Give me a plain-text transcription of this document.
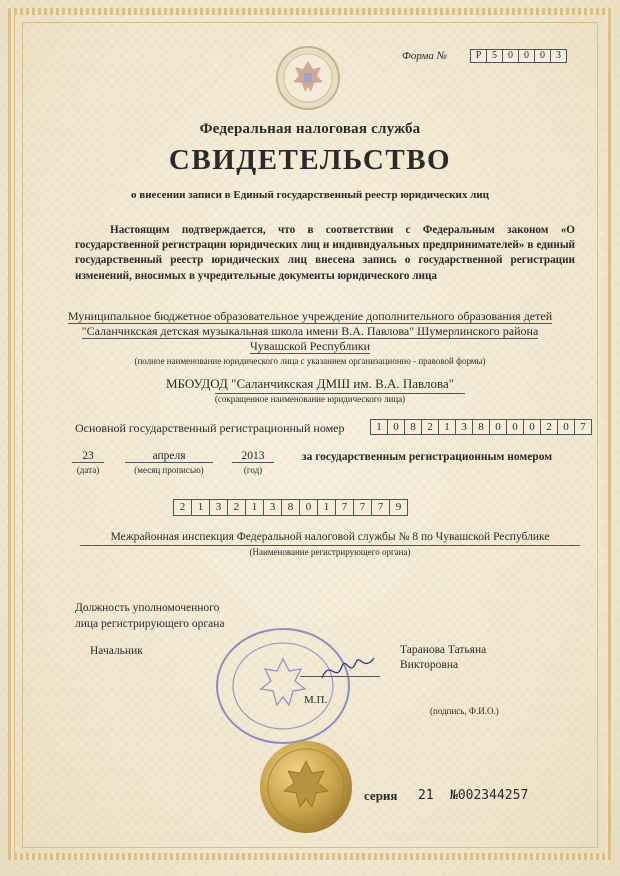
Форма №	Р	5	0	0	0	3
Федеральная налоговая служба
СВИДЕТЕЛЬСТВО
о внесении записи в Единый государственный реестр юридических лиц
Настоящим подтверждается, что в соответствии с Федеральным законом «О государственной регистрации юридических лиц и индивидуальных предпринимателей» в единый государственный реестр юридических лиц внесена запись о государственной регистрации изменений, вносимых в учредительные документы юридического лица
Муниципальное бюджетное образовательное учреждение дополнительного образования детей "Саланчикская детская музыкальная школа имени В.А. Павлова" Шумерлинского района Чувашской Республики
(полное наименование юридического лица с указанием организационно - правовой формы)
МБОУДОД "Саланчикская ДМШ им. В.А. Павлова"
(сокращенное наименование юридического лица)
Основной государственный регистрационный номер	1	0	8	2	1	3	8	0	0	0	2	0	7
23
(дата)
апреля
(месяц прописью)
2013
(год)
за государственным регистрационным номером
2	1	3	2	1	3	8	0	1	7	7	7	9
Межрайонная инспекция Федеральной налоговой службы № 8 по Чувашской Республике
(Наименование регистрирующего органа)
Должность уполномоченного
лица регистрирующего органа
Начальник	Таранова Татьяна
Викторовна
М.П.
(подпись, Ф.И.О.)
серия 21 №002344257
